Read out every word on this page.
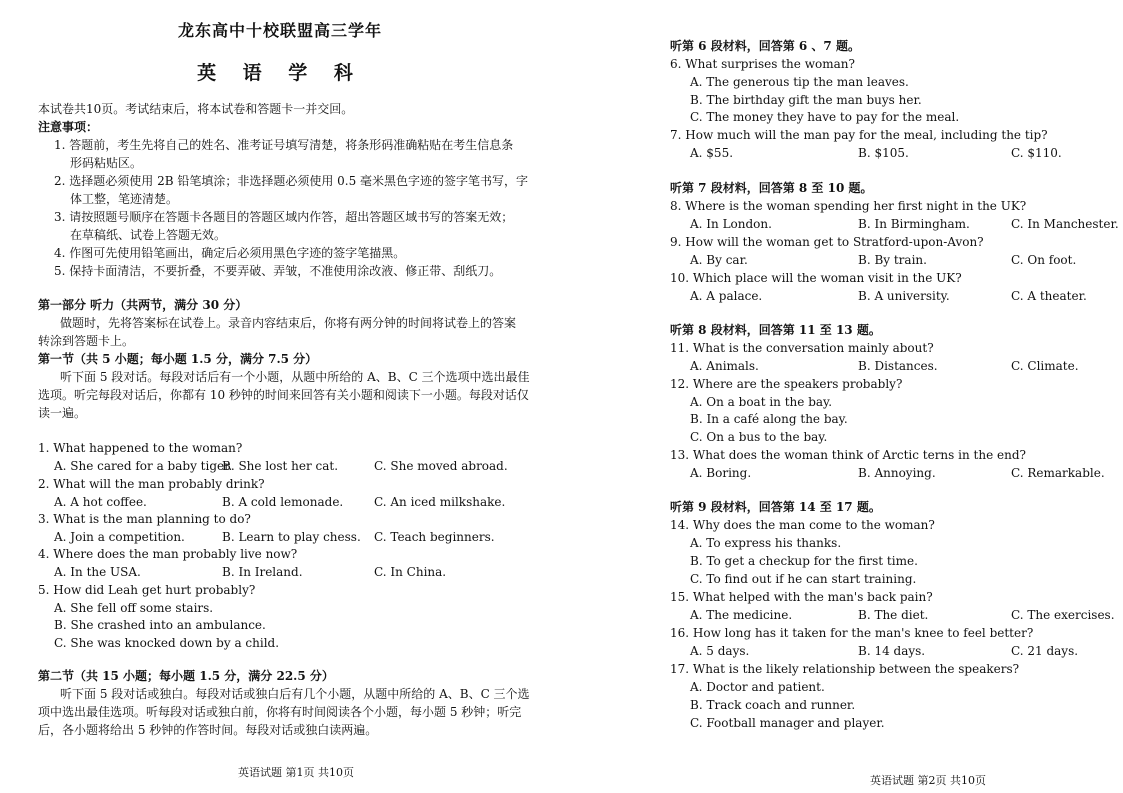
龙东高中十校联盟高三学年
英 语 学 科
本试卷共10页。考试结束后，将本试卷和答题卡一并交回。
注意事项：
1. 答题前，考生先将自己的姓名、准考证号填写清楚，将条形码准确粘贴在考生信息条
形码粘贴区。
2. 选择题必须使用 2B 铅笔填涂；非选择题必须使用 0.5 毫米黑色字迹的签字笔书写，字
体工整，笔迹清楚。
3. 请按照题号顺序在答题卡各题目的答题区域内作答，超出答题区域书写的答案无效；
在草稿纸、试卷上答题无效。
4. 作图可先使用铅笔画出，确定后必须用黑色字迹的签字笔描黑。
5. 保持卡面清洁，不要折叠，不要弄破、弄皱，不准使用涂改液、修正带、刮纸刀。
第一部分 听力（共两节，满分 30 分）
做题时，先将答案标在试卷上。录音内容结束后，你将有两分钟的时间将试卷上的答案
转涂到答题卡上。
第一节（共 5 小题；每小题 1.5 分，满分 7.5 分）
听下面 5 段对话。每段对话后有一个小题，从题中所给的 A、B、C 三个选项中选出最佳
选项。听完每段对话后，你都有 10 秒钟的时间来回答有关小题和阅读下一小题。每段对话仅
读一遍。
1. What happened to the woman?
A. She cared for a baby tiger.
B. She lost her cat.	C. She moved abroad.
2. What will the man probably drink?
A. A hot coffee.	B. A cold lemonade.	C. An iced milkshake.
3. What is the man planning to do?
A. Join a competition.	B. Learn to play chess. C. Teach beginners.
4. Where does the man probably live now?
A. In the USA.	B. In Ireland.	C. In China.
5. How did Leah get hurt probably?
A. She fell off some stairs.
B. She crashed into an ambulance.
C. She was knocked down by a child.
第二节（共 15 小题；每小题 1.5 分，满分 22.5 分）
听下面 5 段对话或独白。每段对话或独白后有几个小题，从题中所给的 A、B、C 三个选
项中选出最佳选项。听每段对话或独白前，你将有时间阅读各个小题，每小题 5 秒钟；听完
后，各小题将给出 5 秒钟的作答时间。每段对话或独白读两遍。
英语试题 第1页 共10页
听第 6 段材料，回答第 6 、7 题。
6. What surprises the woman?
A. The generous tip the man leaves.
B. The birthday gift the man buys her.
C. The money they have to pay for the meal.
7. How much will the man pay for the meal, including the tip?
A. $55.	B. $105.	C. $110.
听第 7 段材料，回答第 8 至 10 题。
8. Where is the woman spending her first night in the UK?
A. In London.	B. In Birmingham.	C. In Manchester.
9. How will the woman get to Stratford-upon-Avon?
A. By car.	B. By train.	C. On foot.
10. Which place will the woman visit in the UK?
A. A palace.	B. A university.	C. A theater.
听第 8 段材料，回答第 11 至 13 题。
11. What is the conversation mainly about?
A. Animals.	B. Distances.	C. Climate.
12. Where are the speakers probably?
A. On a boat in the bay.
B. In a café along the bay.
C. On a bus to the bay.
13. What does the woman think of Arctic terns in the end?
A. Boring.	B. Annoying.	C. Remarkable.
听第 9 段材料，回答第 14 至 17 题。
14. Why does the man come to the woman?
A. To express his thanks.
B. To get a checkup for the first time.
C. To find out if he can start training.
15. What helped with the man's back pain?
A. The medicine.	B. The diet.	C. The exercises.
16. How long has it taken for the man's knee to feel better?
A. 5 days.	B. 14 days.	C. 21 days.
17. What is the likely relationship between the speakers?
A. Doctor and patient.
B. Track coach and runner.
C. Football manager and player.
英语试题 第2页 共10页
